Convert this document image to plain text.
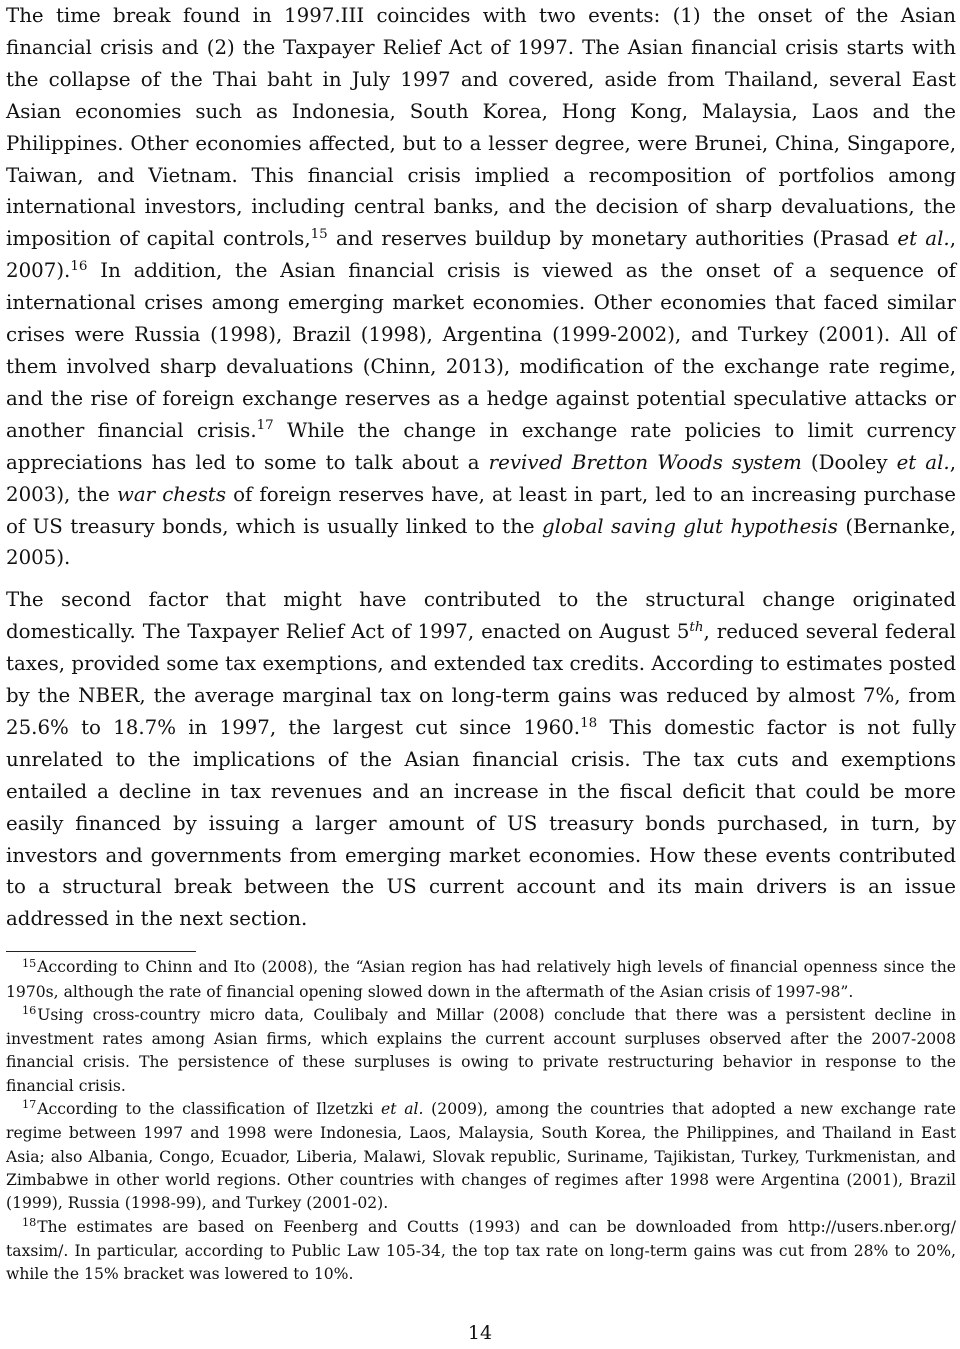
The time break found in 1997.III coincides with two events: (1) the onset of the Asian financial crisis and (2) the Taxpayer Relief Act of 1997. The Asian financial crisis starts with the collapse of the Thai baht in July 1997 and covered, aside from Thailand, several East Asian economies such as Indonesia, South Korea, Hong Kong, Malaysia, Laos and the Philippines. Other economies affected, but to a lesser degree, were Brunei, China, Singapore, Taiwan, and Vietnam. This financial crisis implied a recomposition of portfolios among international investors, including central banks, and the decision of sharp devaluations, the imposition of capital controls,$^{15}$ and reserves buildup by monetary authorities (Prasad et al., 2007).$^{16}$ In addition, the Asian financial crisis is viewed as the onset of a sequence of international crises among emerging market economies. Other economies that faced similar crises were Russia (1998), Brazil (1998), Argentina (1999-2002), and Turkey (2001). All of them involved sharp devaluations (Chinn, 2013), modification of the exchange rate regime, and the rise of foreign exchange reserves as a hedge against potential speculative attacks or another financial crisis.$^{17}$ While the change in exchange rate policies to limit currency appreciations has led to some to talk about a revived Bretton Woods system (Dooley et al., 2003), the war chests of foreign reserves have, at least in part, led to an increasing purchase of US treasury bonds, which is usually linked to the global saving glut hypothesis (Bernanke, 2005).

The second factor that might have contributed to the structural change originated domestically. The Taxpayer Relief Act of 1997, enacted on August 5th, reduced several federal taxes, provided some tax exemptions, and extended tax credits. According to estimates posted by the NBER, the average marginal tax on long-term gains was reduced by almost 7%, from 25.6% to 18.7% in 1997, the largest cut since 1960.18 This domestic factor is not fully unrelated to the implications of the Asian financial crisis. The tax cuts and exemptions entailed a decline in tax revenues and an increase in the fiscal deficit that could be more easily financed by issuing a larger amount of US treasury bonds purchased, in turn, by investors and governments from emerging market economies. How these events contributed to a structural break between the US current account and its main drivers is an issue addressed in the next section.

$^{15}$According to Chinn and Ito (2008), the “Asian region has had relatively high levels of financial openness since the 1970s, although the rate of financial opening slowed down in the aftermath of the Asian crisis of 1997-98”.

$^{16}$Using cross-country micro data, Coulibaly and Millar (2008) conclude that there was a persistent decline in investment rates among Asian firms, which explains the current account surpluses observed after the 2007-2008 financial crisis. The persistence of these surpluses is owing to private restructuring behavior in response to the financial crisis.

$^{17}$According to the classification of Ilzetzki et al. (2009), among the countries that adopted a new exchange rate regime between 1997 and 1998 were Indonesia, Laos, Malaysia, South Korea, the Philippines, and Thailand in East Asia; also Albania, Congo, Ecuador, Liberia, Malawi, Slovak republic, Suriname, Tajikistan, Turkey, Turkmenistan, and Zimbabwe in other world regions. Other countries with changes of regimes after 1998 were Argentina (2001), Brazil (1999), Russia (1998-99), and Turkey (2001-02).

$^{18}$The estimates are based on Feenberg and Coutts (1993) and can be downloaded from http://users.nber.org/ taxsim/. In particular, according to Public Law 105-34, the top tax rate on long-term gains was cut from 28% to 20%, while the 15% bracket was lowered to 10%.

14
